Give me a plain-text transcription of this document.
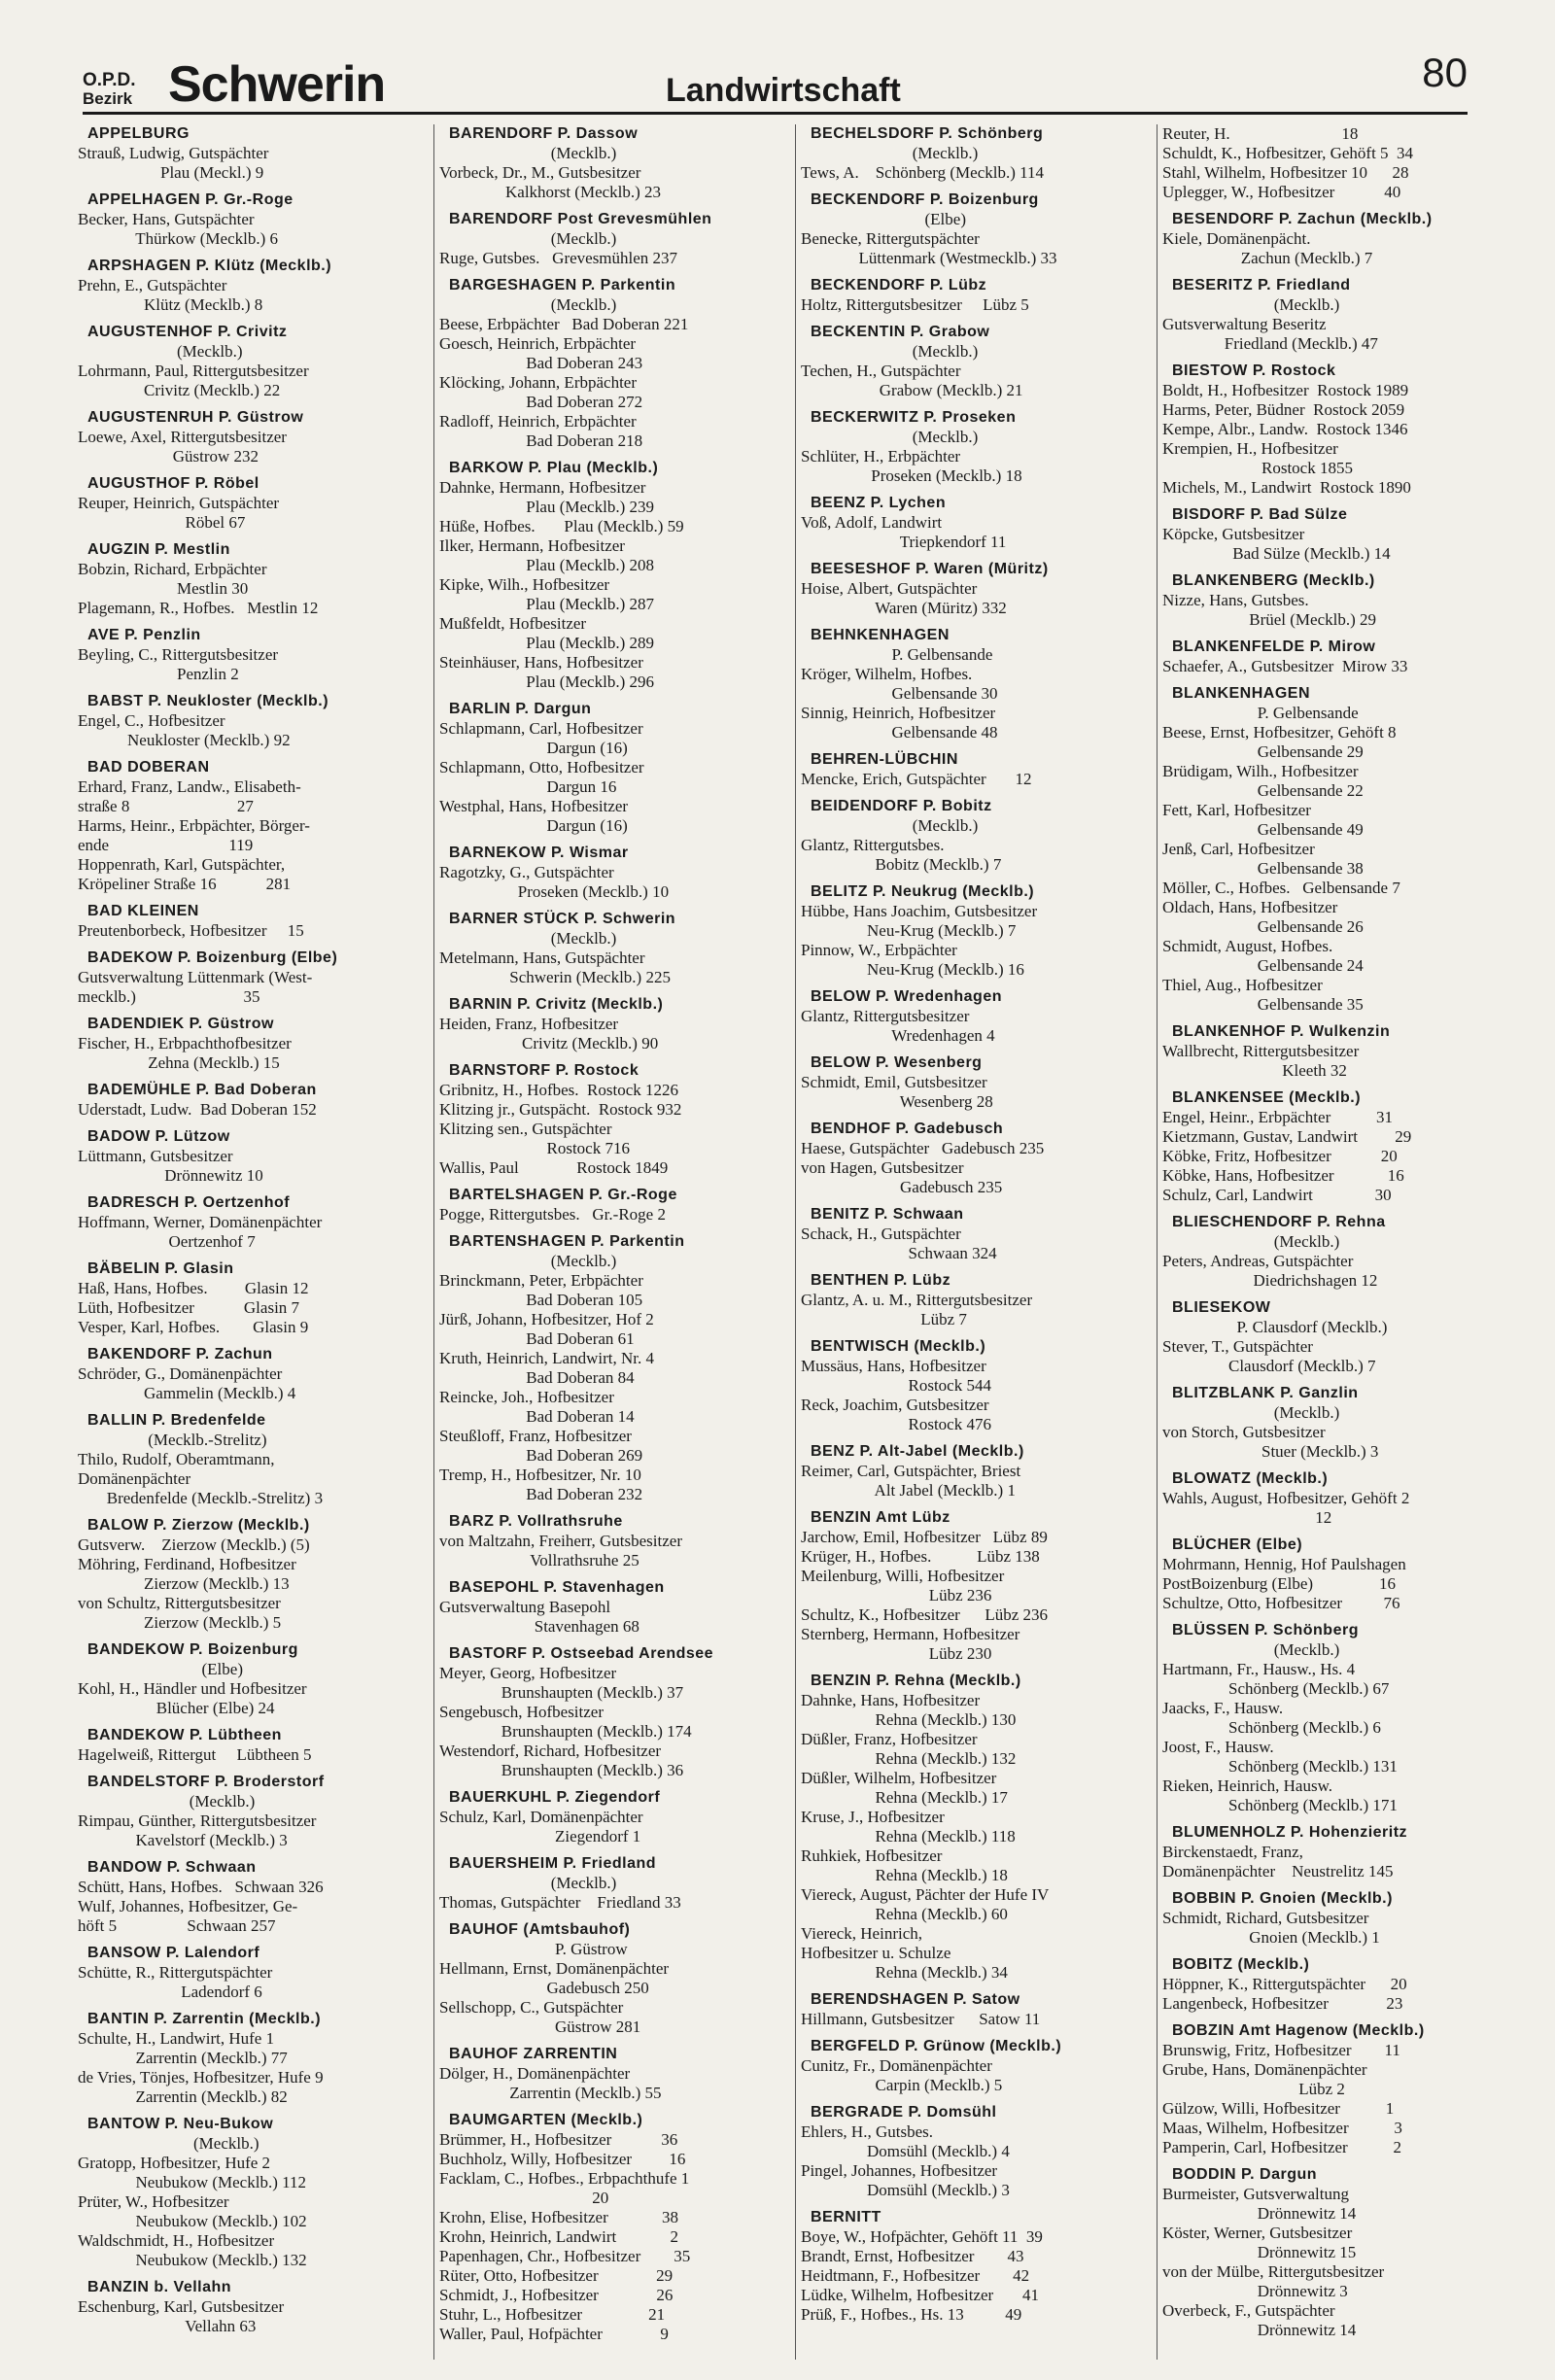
O.P.D.
Bezirk Schwerin	Landwirtschaft	80
APPELBURG
Strauß, Ludwig, Gutspächter
Plau (Meckl.) 9
APPELHAGEN P. Gr.-Roge
Becker, Hans, Gutspächter
Thürkow (Mecklb.) 6
ARPSHAGEN P. Klütz (Mecklb.)
Prehn, E., Gutspächter
Klütz (Mecklb.) 8
AUGUSTENHOF P. Crivitz
(Mecklb.)
Lohrmann, Paul, Rittergutsbesitzer
Crivitz (Mecklb.) 22
AUGUSTENRUH P. Güstrow
Loewe, Axel, Rittergutsbesitzer
Güstrow 232
AUGUSTHOF P. Röbel
Reuper, Heinrich, Gutspächter
Röbel 67
AUGZIN P. Mestlin
Bobzin, Richard, Erbpächter
Mestlin 30
Plagemann, R., Hofbes.   Mestlin 12
AVE P. Penzlin
Beyling, C., Rittergutsbesitzer
Penzlin 2
BABST P. Neukloster (Mecklb.)
Engel, C., Hofbesitzer
Neukloster (Mecklb.) 92
BAD DOBERAN
Erhard, Franz, Landw., Elisabeth-
straße 8                          27
Harms, Heinr., Erbpächter, Börger-
ende                             119
Hoppenrath, Karl, Gutspächter,
Kröpeliner Straße 16            281
BAD KLEINEN
Preutenborbeck, Hofbesitzer     15
BADEKOW P. Boizenburg (Elbe)
Gutsverwaltung Lüttenmark (West-
mecklb.)                          35
BADENDIEK P. Güstrow
Fischer, H., Erbpachthofbesitzer
Zehna (Mecklb.) 15
BADEMÜHLE P. Bad Doberan
Uderstadt, Ludw.  Bad Doberan 152
BADOW P. Lützow
Lüttmann, Gutsbesitzer
Drönnewitz 10
BADRESCH P. Oertzenhof
Hoffmann, Werner, Domänenpächter
Oertzenhof 7
BÄBELIN P. Glasin
Haß, Hans, Hofbes.         Glasin 12
Lüth, Hofbesitzer            Glasin 7
Vesper, Karl, Hofbes.        Glasin 9
BAKENDORF P. Zachun
Schröder, G., Domänenpächter
Gammelin (Mecklb.) 4
BALLIN P. Bredenfelde
(Mecklb.-Strelitz)
Thilo, Rudolf, Oberamtmann,
Domänenpächter
Bredenfelde (Mecklb.-Strelitz) 3
BALOW P. Zierzow (Mecklb.)
Gutsverw.    Zierzow (Mecklb.) (5)
Möhring, Ferdinand, Hofbesitzer
Zierzow (Mecklb.) 13
von Schultz, Rittergutsbesitzer
Zierzow (Mecklb.) 5
BANDEKOW P. Boizenburg
(Elbe)
Kohl, H., Händler und Hofbesitzer
Blücher (Elbe) 24
BANDEKOW P. Lübtheen
Hagelweiß, Rittergut     Lübtheen 5
BANDELSTORF P. Broderstorf
(Mecklb.)
Rimpau, Günther, Rittergutsbesitzer
Kavelstorf (Mecklb.) 3
BANDOW P. Schwaan
Schütt, Hans, Hofbes.   Schwaan 326
Wulf, Johannes, Hofbesitzer, Ge-
höft 5                 Schwaan 257
BANSOW P. Lalendorf
Schütte, R., Rittergutspächter
Ladendorf 6
BANTIN P. Zarrentin (Mecklb.)
Schulte, H., Landwirt, Hufe 1
Zarrentin (Mecklb.) 77
de Vries, Tönjes, Hofbesitzer, Hufe 9
Zarrentin (Mecklb.) 82
BANTOW P. Neu-Bukow
(Mecklb.)
Gratopp, Hofbesitzer, Hufe 2
Neubukow (Mecklb.) 112
Prüter, W., Hofbesitzer
Neubukow (Mecklb.) 102
Waldschmidt, H., Hofbesitzer
Neubukow (Mecklb.) 132
BANZIN b. Vellahn
Eschenburg, Karl, Gutsbesitzer
Vellahn 63
BARENDORF P. Dassow
(Mecklb.)
Vorbeck, Dr., M., Gutsbesitzer
Kalkhorst (Mecklb.) 23
BARENDORF Post Grevesmühlen
(Mecklb.)
Ruge, Gutsbes.   Grevesmühlen 237
BARGESHAGEN P. Parkentin
(Mecklb.)
Beese, Erbpächter   Bad Doberan 221
Goesch, Heinrich, Erbpächter
Bad Doberan 243
Klöcking, Johann, Erbpächter
Bad Doberan 272
Radloff, Heinrich, Erbpächter
Bad Doberan 218
BARKOW P. Plau (Mecklb.)
Dahnke, Hermann, Hofbesitzer
Plau (Mecklb.) 239
Hüße, Hofbes.       Plau (Mecklb.) 59
Ilker, Hermann, Hofbesitzer
Plau (Mecklb.) 208
Kipke, Wilh., Hofbesitzer
Plau (Mecklb.) 287
Mußfeldt, Hofbesitzer
Plau (Mecklb.) 289
Steinhäuser, Hans, Hofbesitzer
Plau (Mecklb.) 296
BARLIN P. Dargun
Schlapmann, Carl, Hofbesitzer
Dargun (16)
Schlapmann, Otto, Hofbesitzer
Dargun 16
Westphal, Hans, Hofbesitzer
Dargun (16)
BARNEKOW P. Wismar
Ragotzky, G., Gutspächter
Proseken (Mecklb.) 10
BARNER STÜCK P. Schwerin
(Mecklb.)
Metelmann, Hans, Gutspächter
Schwerin (Mecklb.) 225
BARNIN P. Crivitz (Mecklb.)
Heiden, Franz, Hofbesitzer
Crivitz (Mecklb.) 90
BARNSTORF P. Rostock
Gribnitz, H., Hofbes.  Rostock 1226
Klitzing jr., Gutspächt.  Rostock 932
Klitzing sen., Gutspächter
Rostock 716
Wallis, Paul              Rostock 1849
BARTELSHAGEN P. Gr.-Roge
Pogge, Rittergutsbes.   Gr.-Roge 2
BARTENSHAGEN P. Parkentin
(Mecklb.)
Brinckmann, Peter, Erbpächter
Bad Doberan 105
Jürß, Johann, Hofbesitzer, Hof 2
Bad Doberan 61
Kruth, Heinrich, Landwirt, Nr. 4
Bad Doberan 84
Reincke, Joh., Hofbesitzer
Bad Doberan 14
Steußloff, Franz, Hofbesitzer
Bad Doberan 269
Tremp, H., Hofbesitzer, Nr. 10
Bad Doberan 232
BARZ P. Vollrathsruhe
von Maltzahn, Freiherr, Gutsbesitzer
Vollrathsruhe 25
BASEPOHL P. Stavenhagen
Gutsverwaltung Basepohl
Stavenhagen 68
BASTORF P. Ostseebad Arendsee
Meyer, Georg, Hofbesitzer
Brunshaupten (Mecklb.) 37
Sengebusch, Hofbesitzer
Brunshaupten (Mecklb.) 174
Westendorf, Richard, Hofbesitzer
Brunshaupten (Mecklb.) 36
BAUERKUHL P. Ziegendorf
Schulz, Karl, Domänenpächter
Ziegendorf 1
BAUERSHEIM P. Friedland
(Mecklb.)
Thomas, Gutspächter    Friedland 33
BAUHOF (Amtsbauhof)
P. Güstrow
Hellmann, Ernst, Domänenpächter
Gadebusch 250
Sellschopp, C., Gutspächter
Güstrow 281
BAUHOF ZARRENTIN
Dölger, H., Domänenpächter
Zarrentin (Mecklb.) 55
BAUMGARTEN (Mecklb.)
Brümmer, H., Hofbesitzer            36
Buchholz, Willy, Hofbesitzer         16
Facklam, C., Hofbes., Erbpachthufe 1
20
Krohn, Elise, Hofbesitzer             38
Krohn, Heinrich, Landwirt             2
Papenhagen, Chr., Hofbesitzer        35
Rüter, Otto, Hofbesitzer              29
Schmidt, J., Hofbesitzer              26
Stuhr, L., Hofbesitzer                21
Waller, Paul, Hofpächter              9
BECHELSDORF P. Schönberg
(Mecklb.)
Tews, A.    Schönberg (Mecklb.) 114
BECKENDORF P. Boizenburg
(Elbe)
Benecke, Rittergutspächter
Lüttenmark (Westmecklb.) 33
BECKENDORF P. Lübz
Holtz, Rittergutsbesitzer     Lübz 5
BECKENTIN P. Grabow
(Mecklb.)
Techen, H., Gutspächter
Grabow (Mecklb.) 21
BECKERWITZ P. Proseken
(Mecklb.)
Schlüter, H., Erbpächter
Proseken (Mecklb.) 18
BEENZ P. Lychen
Voß, Adolf, Landwirt
Triepkendorf 11
BEESESHOF P. Waren (Müritz)
Hoise, Albert, Gutspächter
Waren (Müritz) 332
BEHNKENHAGEN
P. Gelbensande
Kröger, Wilhelm, Hofbes.
Gelbensande 30
Sinnig, Heinrich, Hofbesitzer
Gelbensande 48
BEHREN-LÜBCHIN
Mencke, Erich, Gutspächter       12
BEIDENDORF P. Bobitz
(Mecklb.)
Glantz, Rittergutsbes.
Bobitz (Mecklb.) 7
BELITZ P. Neukrug (Mecklb.)
Hübbe, Hans Joachim, Gutsbesitzer
Neu-Krug (Mecklb.) 7
Pinnow, W., Erbpächter
Neu-Krug (Mecklb.) 16
BELOW P. Wredenhagen
Glantz, Rittergutsbesitzer
Wredenhagen 4
BELOW P. Wesenberg
Schmidt, Emil, Gutsbesitzer
Wesenberg 28
BENDHOF P. Gadebusch
Haese, Gutspächter   Gadebusch 235
von Hagen, Gutsbesitzer
Gadebusch 235
BENITZ P. Schwaan
Schack, H., Gutspächter
Schwaan 324
BENTHEN P. Lübz
Glantz, A. u. M., Rittergutsbesitzer
Lübz 7
BENTWISCH (Mecklb.)
Mussäus, Hans, Hofbesitzer
Rostock 544
Reck, Joachim, Gutsbesitzer
Rostock 476
BENZ P. Alt-Jabel (Mecklb.)
Reimer, Carl, Gutspächter, Briest
Alt Jabel (Mecklb.) 1
BENZIN Amt Lübz
Jarchow, Emil, Hofbesitzer   Lübz 89
Krüger, H., Hofbes.           Lübz 138
Meilenburg, Willi, Hofbesitzer
Lübz 236
Schultz, K., Hofbesitzer      Lübz 236
Sternberg, Hermann, Hofbesitzer
Lübz 230
BENZIN P. Rehna (Mecklb.)
Dahnke, Hans, Hofbesitzer
Rehna (Mecklb.) 130
Düßler, Franz, Hofbesitzer
Rehna (Mecklb.) 132
Düßler, Wilhelm, Hofbesitzer
Rehna (Mecklb.) 17
Kruse, J., Hofbesitzer
Rehna (Mecklb.) 118
Ruhkiek, Hofbesitzer
Rehna (Mecklb.) 18
Viereck, August, Pächter der Hufe IV
Rehna (Mecklb.) 60
Viereck, Heinrich,
Hofbesitzer u. Schulze
Rehna (Mecklb.) 34
BERENDSHAGEN P. Satow
Hillmann, Gutsbesitzer      Satow 11
BERGFELD P. Grünow (Mecklb.)
Cunitz, Fr., Domänenpächter
Carpin (Mecklb.) 5
BERGRADE P. Domsühl
Ehlers, H., Gutsbes.
Domsühl (Mecklb.) 4
Pingel, Johannes, Hofbesitzer
Domsühl (Mecklb.) 3
BERNITT
Boye, W., Hofpächter, Gehöft 11  39
Brandt, Ernst, Hofbesitzer        43
Heidtmann, F., Hofbesitzer        42
Lüdke, Wilhelm, Hofbesitzer       41
Prüß, F., Hofbes., Hs. 13          49
Reuter, H.                           18
Schuldt, K., Hofbesitzer, Gehöft 5  34
Stahl, Wilhelm, Hofbesitzer 10      28
Uplegger, W., Hofbesitzer            40
BESENDORF P. Zachun (Mecklb.)
Kiele, Domänenpächt.
Zachun (Mecklb.) 7
BESERITZ P. Friedland
(Mecklb.)
Gutsverwaltung Beseritz
Friedland (Mecklb.) 47
BIESTOW P. Rostock
Boldt, H., Hofbesitzer  Rostock 1989
Harms, Peter, Büdner  Rostock 2059
Kempe, Albr., Landw.  Rostock 1346
Krempien, H., Hofbesitzer
Rostock 1855
Michels, M., Landwirt  Rostock 1890
BISDORF P. Bad Sülze
Köpcke, Gutsbesitzer
Bad Sülze (Mecklb.) 14
BLANKENBERG (Mecklb.)
Nizze, Hans, Gutsbes.
Brüel (Mecklb.) 29
BLANKENFELDE P. Mirow
Schaefer, A., Gutsbesitzer  Mirow 33
BLANKENHAGEN
P. Gelbensande
Beese, Ernst, Hofbesitzer, Gehöft 8
Gelbensande 29
Brüdigam, Wilh., Hofbesitzer
Gelbensande 22
Fett, Karl, Hofbesitzer
Gelbensande 49
Jenß, Carl, Hofbesitzer
Gelbensande 38
Möller, C., Hofbes.   Gelbensande 7
Oldach, Hans, Hofbesitzer
Gelbensande 26
Schmidt, August, Hofbes.
Gelbensande 24
Thiel, Aug., Hofbesitzer
Gelbensande 35
BLANKENHOF P. Wulkenzin
Wallbrecht, Rittergutsbesitzer
Kleeth 32
BLANKENSEE (Mecklb.)
Engel, Heinr., Erbpächter           31
Kietzmann, Gustav, Landwirt         29
Köbke, Fritz, Hofbesitzer            20
Köbke, Hans, Hofbesitzer             16
Schulz, Carl, Landwirt               30
BLIESCHENDORF P. Rehna
(Mecklb.)
Peters, Andreas, Gutspächter
Diedrichshagen 12
BLIESEKOW
P. Clausdorf (Mecklb.)
Stever, T., Gutspächter
Clausdorf (Mecklb.) 7
BLITZBLANK P. Ganzlin
(Mecklb.)
von Storch, Gutsbesitzer
Stuer (Mecklb.) 3
BLOWATZ (Mecklb.)
Wahls, August, Hofbesitzer, Gehöft 2
12
BLÜCHER (Elbe)
Mohrmann, Hennig, Hof Paulshagen
PostBoizenburg (Elbe)                16
Schultze, Otto, Hofbesitzer          76
BLÜSSEN P. Schönberg
(Mecklb.)
Hartmann, Fr., Hausw., Hs. 4
Schönberg (Mecklb.) 67
Jaacks, F., Hausw.
Schönberg (Mecklb.) 6
Joost, F., Hausw.
Schönberg (Mecklb.) 131
Rieken, Heinrich, Hausw.
Schönberg (Mecklb.) 171
BLUMENHOLZ P. Hohenzieritz
Birckenstaedt, Franz,
Domänenpächter    Neustrelitz 145
BOBBIN P. Gnoien (Mecklb.)
Schmidt, Richard, Gutsbesitzer
Gnoien (Mecklb.) 1
BOBITZ (Mecklb.)
Höppner, K., Rittergutspächter      20
Langenbeck, Hofbesitzer              23
BOBZIN Amt Hagenow (Mecklb.)
Brunswig, Fritz, Hofbesitzer        11
Grube, Hans, Domänenpächter
Lübz 2
Gülzow, Willi, Hofbesitzer           1
Maas, Wilhelm, Hofbesitzer           3
Pamperin, Carl, Hofbesitzer           2
BODDIN P. Dargun
Burmeister, Gutsverwaltung
Drönnewitz 14
Köster, Werner, Gutsbesitzer
Drönnewitz 15
von der Mülbe, Rittergutsbesitzer
Drönnewitz 3
Overbeck, F., Gutspächter
Drönnewitz 14
